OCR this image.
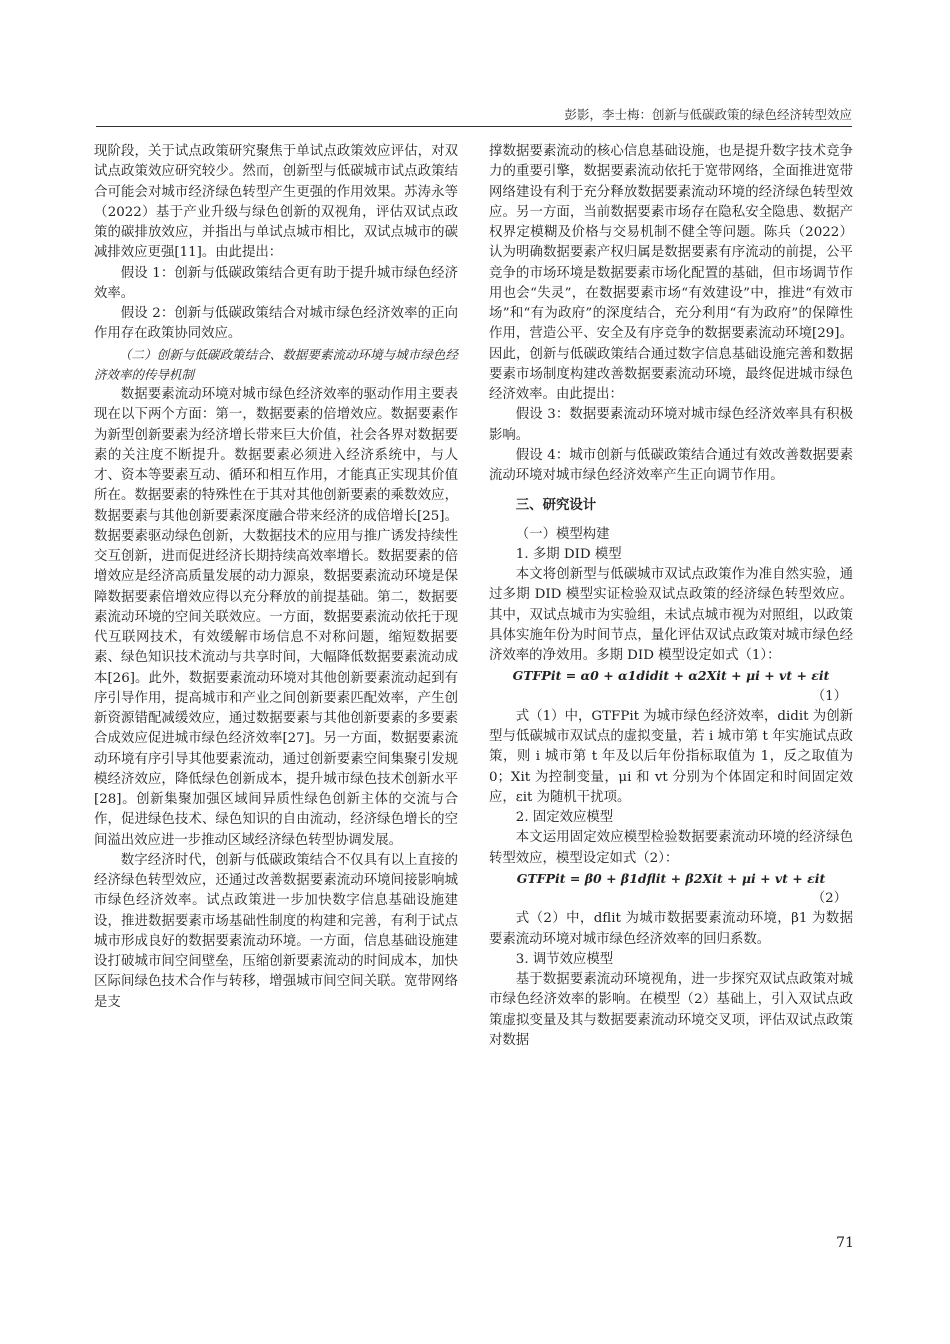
彭影，李士梅：创新与低碳政策的绿色经济转型效应

现阶段，关于试点政策研究聚焦于单试点政策效应评估，对双试点政策效应研究较少。然而，创新型与低碳城市试点政策结合可能会对城市经济绿色转型产生更强的作用效果。苏涛永等（2022）基于产业升级与绿色创新的双视角，评估双试点政策的碳排放效应，并指出与单试点城市相比，双试点城市的碳减排效应更强[11]。由此提出：

假设 1：创新与低碳政策结合更有助于提升城市绿色经济效率。

假设 2：创新与低碳政策结合对城市绿色经济效率的正向作用存在政策协同效应。

（二）创新与低碳政策结合、数据要素流动环境与城市绿色经济效率的传导机制

数据要素流动环境对城市绿色经济效率的驱动作用主要表现在以下两个方面：第一，数据要素的倍增效应。数据要素作为新型创新要素为经济增长带来巨大价值，社会各界对数据要素的关注度不断提升。数据要素必须进入经济系统中，与人才、资本等要素互动、循环和相互作用，才能真正实现其价值所在。数据要素的特殊性在于其对其他创新要素的乘数效应，数据要素与其他创新要素深度融合带来经济的成倍增长[25]。数据要素驱动绿色创新，大数据技术的应用与推广诱发持续性交互创新，进而促进经济长期持续高效率增长。数据要素的倍增效应是经济高质量发展的动力源泉，数据要素流动环境是保障数据要素倍增效应得以充分释放的前提基础。第二，数据要素流动环境的空间关联效应。一方面，数据要素流动依托于现代互联网技术，有效缓解市场信息不对称问题，缩短数据要素、绿色知识技术流动与共享时间，大幅降低数据要素流动成本[26]。此外，数据要素流动环境对其他创新要素流动起到有序引导作用，提高城市和产业之间创新要素匹配效率，产生创新资源错配减缓效应，通过数据要素与其他创新要素的多要素合成效应促进城市绿色经济效率[27]。另一方面，数据要素流动环境有序引导其他要素流动，通过创新要素空间集聚引发规模经济效应，降低绿色创新成本，提升城市绿色技术创新水平[28]。创新集聚加强区域间异质性绿色创新主体的交流与合作，促进绿色技术、绿色知识的自由流动，经济绿色增长的空间溢出效应进一步推动区域经济绿色转型协调发展。

数字经济时代，创新与低碳政策结合不仅具有以上直接的经济绿色转型效应，还通过改善数据要素流动环境间接影响城市绿色经济效率。试点政策进一步加快数字信息基础设施建设，推进数据要素市场基础性制度的构建和完善，有利于试点城市形成良好的数据要素流动环境。一方面，信息基础设施建设打破城市间空间壁垒，压缩创新要素流动的时间成本，加快区际间绿色技术合作与转移，增强城市间空间关联。宽带网络是支

撑数据要素流动的核心信息基础设施，也是提升数字技术竞争力的重要引擎，数据要素流动依托于宽带网络，全面推进宽带网络建设有利于充分释放数据要素流动环境的经济绿色转型效应。另一方面，当前数据要素市场存在隐私安全隐患、数据产权界定模糊及价格与交易机制不健全等问题。陈兵（2022）认为明确数据要素产权归属是数据要素有序流动的前提，公平竞争的市场环境是数据要素市场化配置的基础，但市场调节作用也会“失灵”，在数据要素市场“有效建设”中，推进“有效市场”和“有为政府”的深度结合，充分利用“有为政府”的保障性作用，营造公平、安全及有序竞争的数据要素流动环境[29]。因此，创新与低碳政策结合通过数字信息基础设施完善和数据要素市场制度构建改善数据要素流动环境，最终促进城市绿色经济效率。由此提出：

假设 3：数据要素流动环境对城市绿色经济效率具有积极影响。

假设 4：城市创新与低碳政策结合通过有效改善数据要素流动环境对城市绿色经济效率产生正向调节作用。

三、研究设计

（一）模型构建

1. 多期 DID 模型

本文将创新型与低碳城市双试点政策作为准自然实验，通过多期 DID 模型实证检验双试点政策的经济绿色转型效应。其中，双试点城市为实验组，未试点城市视为对照组，以政策具体实施年份为时间节点，量化评估双试点政策对城市绿色经济效率的净效用。多期 DID 模型设定如式（1）：

GTFPit = α0 + α1didit + α2Xit + μi + vt + εit

（1）

式（1）中，GTFPit 为城市绿色经济效率，didit 为创新型与低碳城市双试点的虚拟变量，若 i 城市第 t 年实施试点政策，则 i 城市第 t 年及以后年份指标取值为 1，反之取值为 0；Xit 为控制变量，μi 和 vt 分别为个体固定和时间固定效应，εit 为随机干扰项。

2. 固定效应模型

本文运用固定效应模型检验数据要素流动环境的经济绿色转型效应，模型设定如式（2）：

GTFPit = β0 + β1dflit + β2Xit + μi + vt + εit

（2）

式（2）中，dflit 为城市数据要素流动环境，β1 为数据要素流动环境对城市绿色经济效率的回归系数。

3. 调节效应模型

基于数据要素流动环境视角，进一步探究双试点政策对城市绿色经济效率的影响。在模型（2）基础上，引入双试点政策虚拟变量及其与数据要素流动环境交叉项，评估双试点政策对数据

71
